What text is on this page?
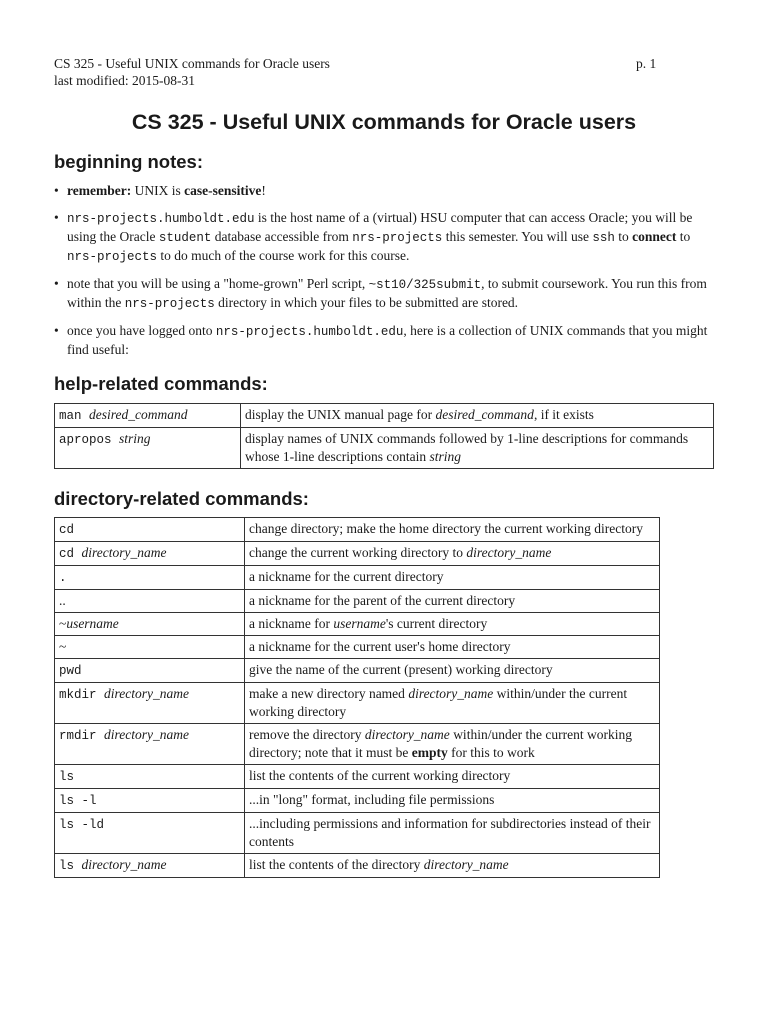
CS 325 - Useful UNIX commands for Oracle users
last modified: 2015-08-31
p. 1
CS 325 - Useful UNIX commands for Oracle users
beginning notes:
• remember: UNIX is case-sensitive!
• nrs-projects.humboldt.edu is the host name of a (virtual) HSU computer that can access Oracle; you will be using the Oracle student database accessible from nrs-projects this semester. You will use ssh to connect to nrs-projects to do much of the course work for this course.
• note that you will be using a "home-grown" Perl script, ~st10/325submit, to submit coursework. You run this from within the nrs-projects directory in which your files to be submitted are stored.
• once you have logged onto nrs-projects.humboldt.edu, here is a collection of UNIX commands that you might find useful:
help-related commands:
man desired_command	display the UNIX manual page for desired_command, if it exists
apropos string	display names of UNIX commands followed by 1-line descriptions for commands whose 1-line descriptions contain string
directory-related commands:
cd	change directory; make the home directory the current working directory
cd directory_name	change the current working directory to directory_name
.	a nickname for the current directory
..	a nickname for the parent of the current directory
~username	a nickname for username's current directory
~	a nickname for the current user's home directory
pwd	give the name of the current (present) working directory
mkdir directory_name	make a new directory named directory_name within/under the current working directory
rmdir directory_name	remove the directory directory_name within/under the current working directory; note that it must be empty for this to work
ls	list the contents of the current working directory
ls -l	...in "long" format, including file permissions
ls -ld	...including permissions and information for subdirectories instead of their contents
ls directory_name	list the contents of the directory directory_name
